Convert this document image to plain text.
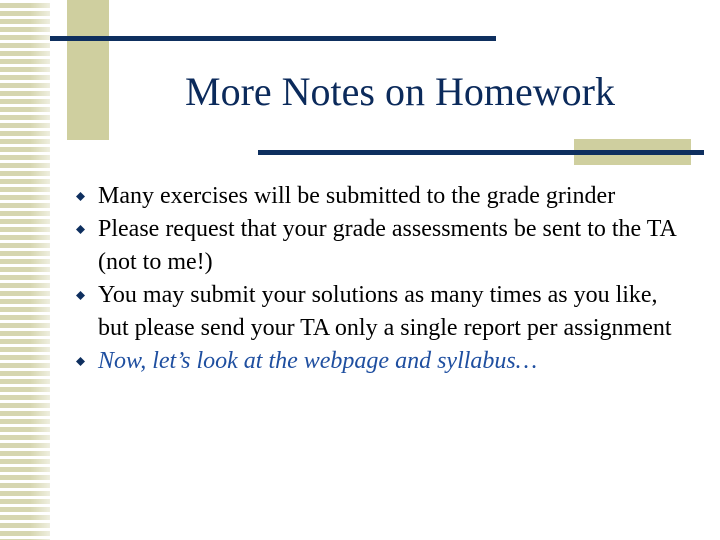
More Notes on Homework
Many exercises will be submitted to the grade grinder
Please request that your grade assessments be sent to the TA (not to me!)
You may submit your solutions as many times as you like, but please send your TA only a single report per assignment
Now, let’s look at the webpage and syllabus…
